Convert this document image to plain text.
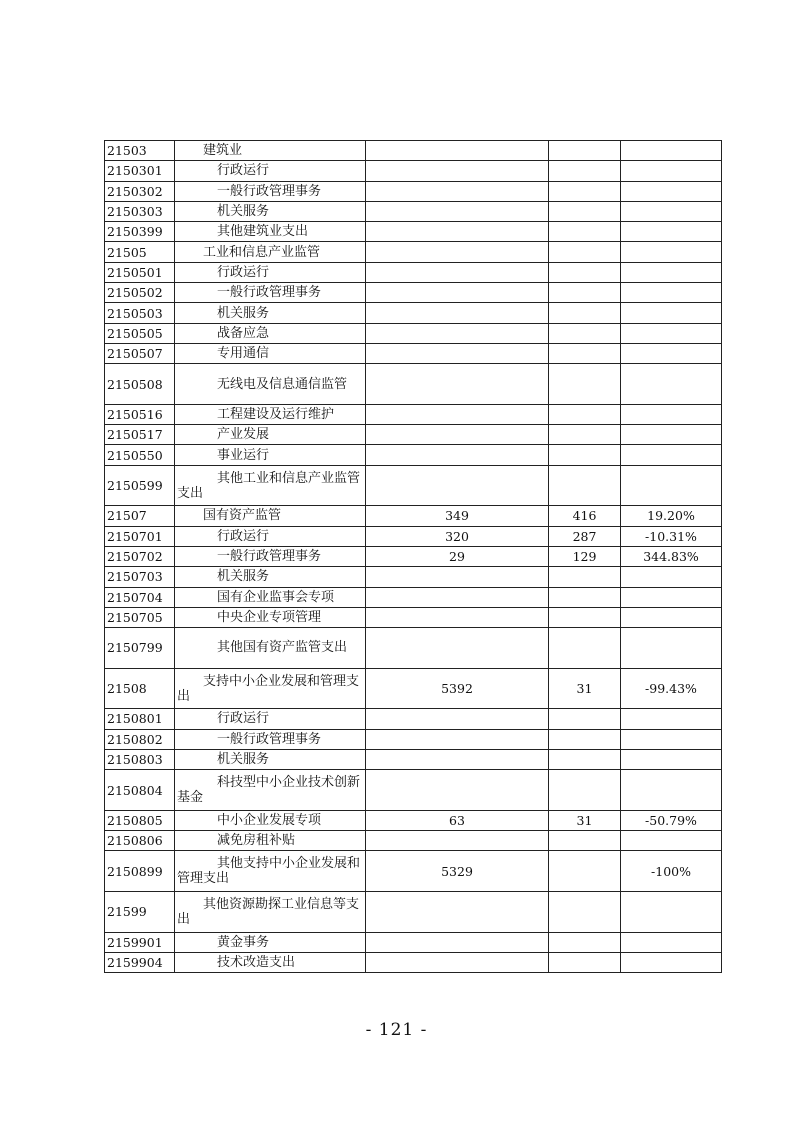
21503	建筑业			
2150301	行政运行			
2150302	一般行政管理事务			
2150303	机关服务			
2150399	其他建筑业支出			
21505	工业和信息产业监管			
2150501	行政运行			
2150502	一般行政管理事务			
2150503	机关服务			
2150505	战备应急			
2150507	专用通信			
2150508	无线电及信息通信监管			
2150516	工程建设及运行维护			
2150517	产业发展			
2150550	事业运行			
2150599	其他工业和信息产业监管支出			
21507	国有资产监管	349	416	19.20%
2150701	行政运行	320	287	-10.31%
2150702	一般行政管理事务	29	129	344.83%
2150703	机关服务			
2150704	国有企业监事会专项			
2150705	中央企业专项管理			
2150799	其他国有资产监管支出			
21508	支持中小企业发展和管理支出	5392	31	-99.43%
2150801	行政运行			
2150802	一般行政管理事务			
2150803	机关服务			
2150804	科技型中小企业技术创新基金			
2150805	中小企业发展专项	63	31	-50.79%
2150806	减免房租补贴			
2150899	其他支持中小企业发展和管理支出	5329		-100%
21599	其他资源勘探工业信息等支出			
2159901	黄金事务			
2159904	技术改造支出			
- 121 -
